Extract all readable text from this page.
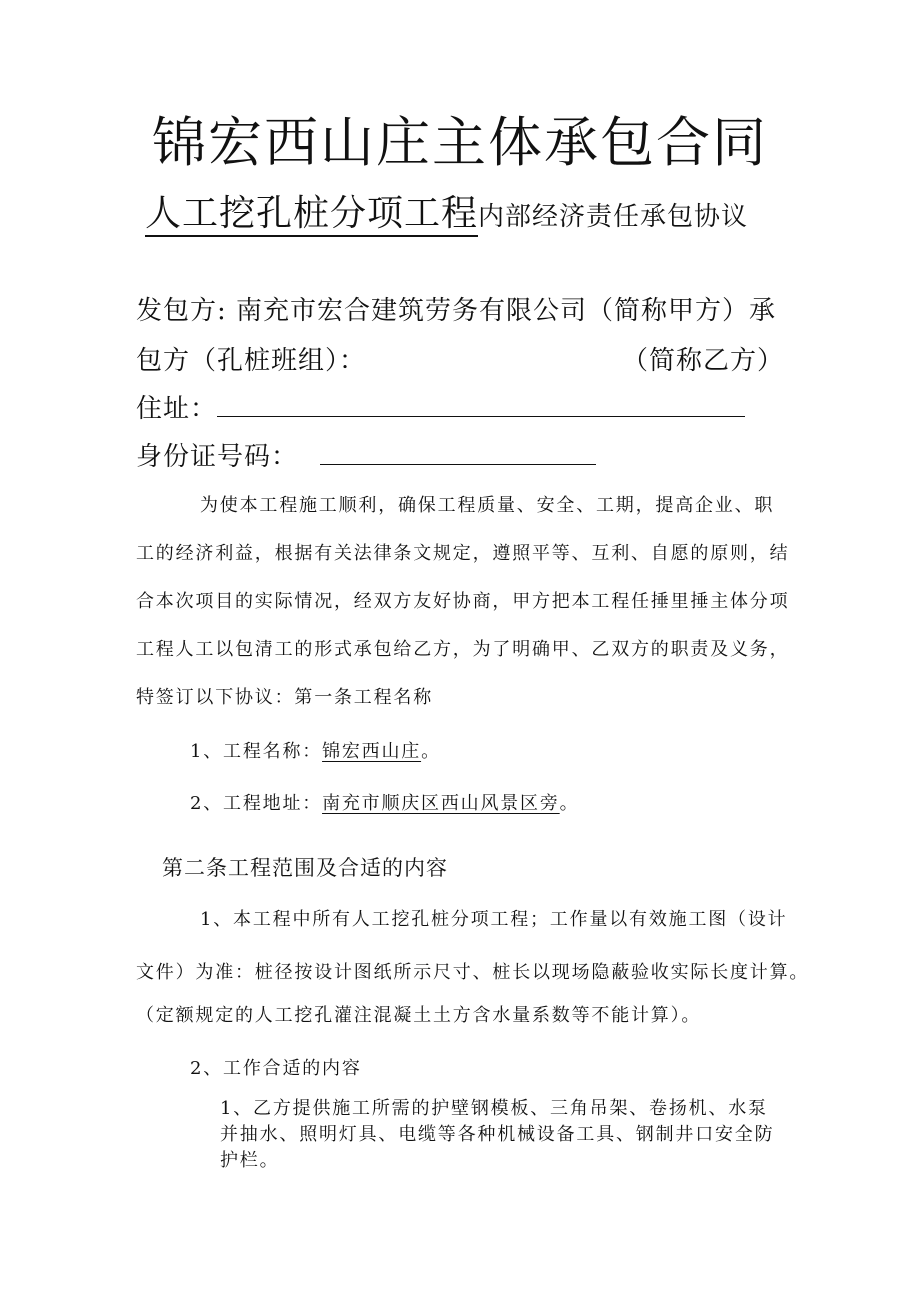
锦宏西山庄主体承包合同
人工挖孔桩分项工程内部经济责任承包协议
发包方: 南充市宏合建筑劳务有限公司（简称甲方）承
包方（孔桩班组）：	（简称乙方）
住址：
身份证号码：
为使本工程施工顺利，确保工程质量、安全、工期，提高企业、职
工的经济利益，根据有关法律条文规定，遵照平等、互利、自愿的原则，结
合本次项目的实际情况，经双方友好协商，甲方把本工程任捶里捶主体分项
工程人工以包清工的形式承包给乙方，为了明确甲、乙双方的职责及义务，
特签订以下协议：第一条工程名称
1、工程名称：锦宏西山庄。
2、工程地址：南充市顺庆区西山风景区旁。
第二条工程范围及合适的内容
1、本工程中所有人工挖孔桩分项工程；工作量以有效施工图（设计
文件）为准：桩径按设计图纸所示尺寸、桩长以现场隐蔽验收实际长度计算。
（定额规定的人工挖孔灌注混凝土土方含水量系数等不能计算）。
2、工作合适的内容
1、乙方提供施工所需的护壁钢模板、三角吊架、卷扬机、水泵
并抽水、照明灯具、电缆等各种机械设备工具、钢制井口安全防
护栏。
